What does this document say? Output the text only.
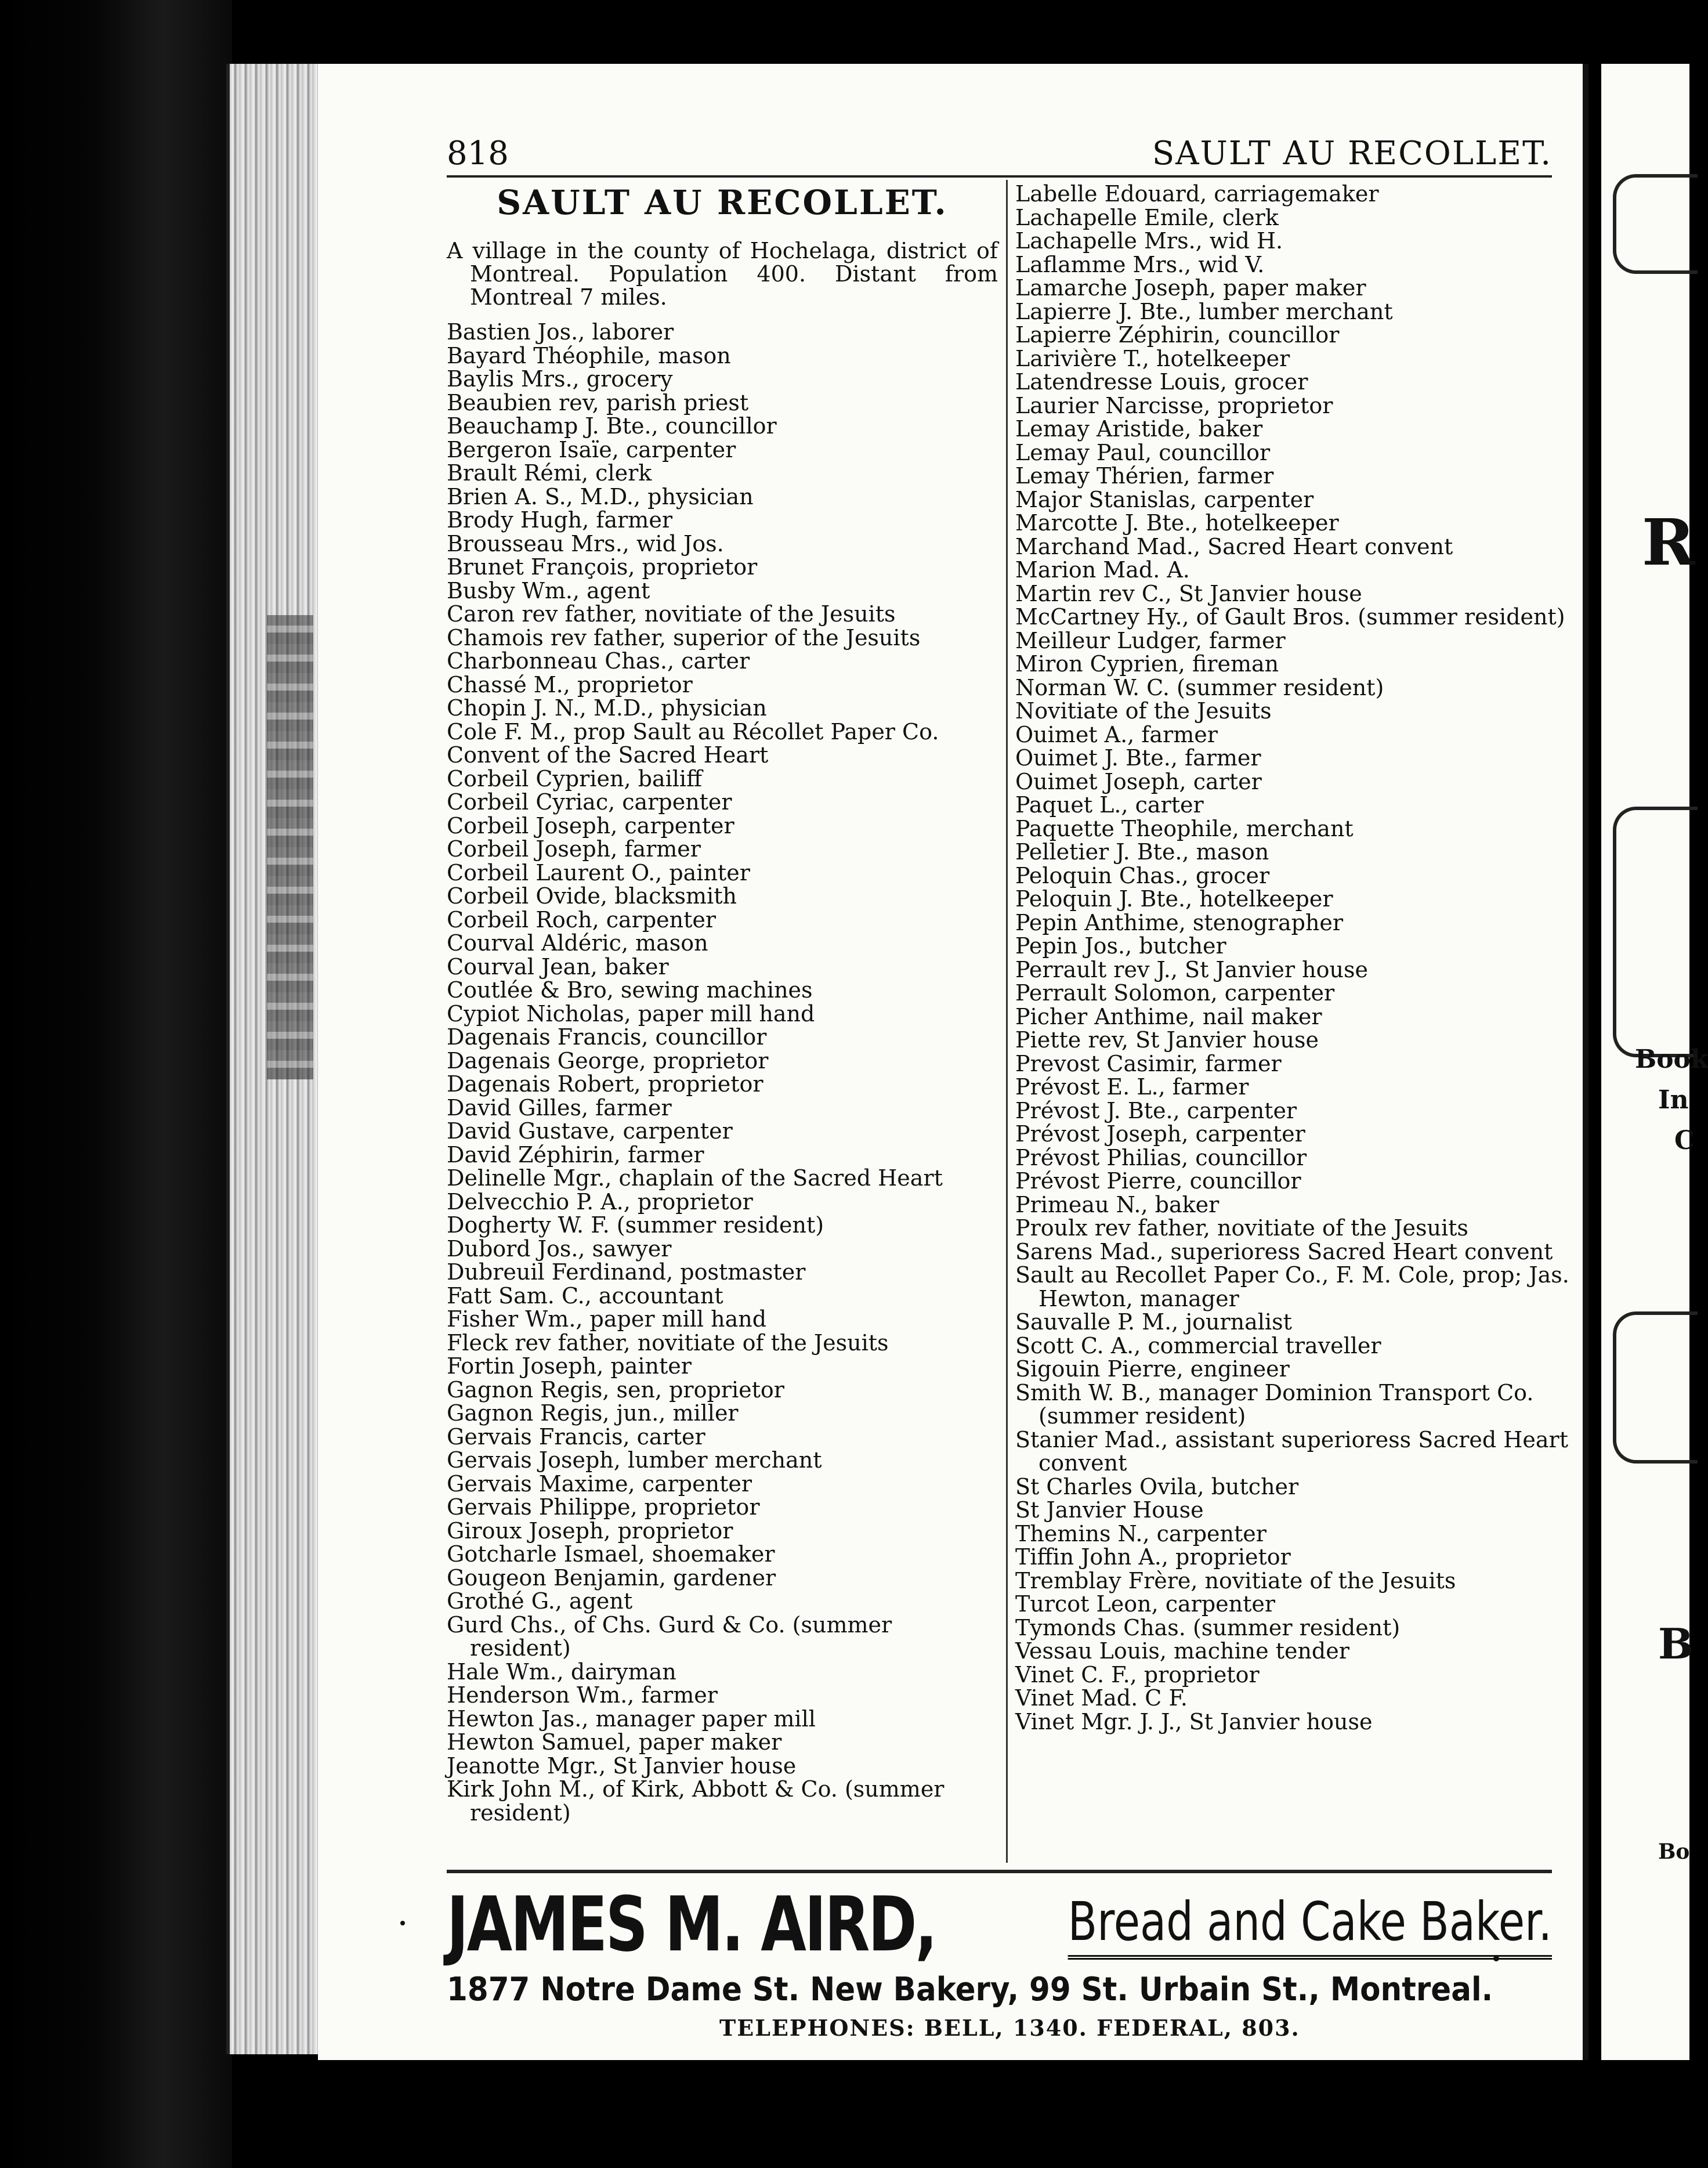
818	SAULT AU RECOLLET.
SAULT AU RECOLLET.
A village in the county of Hochelaga, district of Montreal. Population 400. Distant from Montreal 7 miles.
Bastien Jos., laborer
Bayard Théophile, mason
Baylis Mrs., grocery
Beaubien rev, parish priest
Beauchamp J. Bte., councillor
Bergeron Isaïe, carpenter
Brault Rémi, clerk
Brien A. S., M.D., physician
Brody Hugh, farmer
Brousseau Mrs., wid Jos.
Brunet François, proprietor
Busby Wm., agent
Caron rev father, novitiate of the Jesuits
Chamois rev father, superior of the Jesuits
Charbonneau Chas., carter
Chassé M., proprietor
Chopin J. N., M.D., physician
Cole F. M., prop Sault au Récollet Paper Co.
Convent of the Sacred Heart
Corbeil Cyprien, bailiff
Corbeil Cyriac, carpenter
Corbeil Joseph, carpenter
Corbeil Joseph, farmer
Corbeil Laurent O., painter
Corbeil Ovide, blacksmith
Corbeil Roch, carpenter
Courval Aldéric, mason
Courval Jean, baker
Coutlée & Bro, sewing machines
Cypiot Nicholas, paper mill hand
Dagenais Francis, councillor
Dagenais George, proprietor
Dagenais Robert, proprietor
David Gilles, farmer
David Gustave, carpenter
David Zéphirin, farmer
Delinelle Mgr., chaplain of the Sacred Heart
Delvecchio P. A., proprietor
Dogherty W. F. (summer resident)
Dubord Jos., sawyer
Dubreuil Ferdinand, postmaster
Fatt Sam. C., accountant
Fisher Wm., paper mill hand
Fleck rev father, novitiate of the Jesuits
Fortin Joseph, painter
Gagnon Regis, sen, proprietor
Gagnon Regis, jun., miller
Gervais Francis, carter
Gervais Joseph, lumber merchant
Gervais Maxime, carpenter
Gervais Philippe, proprietor
Giroux Joseph, proprietor
Gotcharle Ismael, shoemaker
Gougeon Benjamin, gardener
Grothé G., agent
Gurd Chs., of Chs. Gurd & Co. (summer resident)
Hale Wm., dairyman
Henderson Wm., farmer
Hewton Jas., manager paper mill
Hewton Samuel, paper maker
Jeanotte Mgr., St Janvier house
Kirk John M., of Kirk, Abbott & Co. (summer resident)
Labelle Edouard, carriagemaker
Lachapelle Emile, clerk
Lachapelle Mrs., wid H.
Laflamme Mrs., wid V.
Lamarche Joseph, paper maker
Lapierre J. Bte., lumber merchant
Lapierre Zéphirin, councillor
Larivière T., hotelkeeper
Latendresse Louis, grocer
Laurier Narcisse, proprietor
Lemay Aristide, baker
Lemay Paul, councillor
Lemay Thérien, farmer
Major Stanislas, carpenter
Marcotte J. Bte., hotelkeeper
Marchand Mad., Sacred Heart convent
Marion Mad. A.
Martin rev C., St Janvier house
McCartney Hy., of Gault Bros. (summer resident)
Meilleur Ludger, farmer
Miron Cyprien, fireman
Norman W. C. (summer resident)
Novitiate of the Jesuits
Ouimet A., farmer
Ouimet J. Bte., farmer
Ouimet Joseph, carter
Paquet L., carter
Paquette Theophile, merchant
Pelletier J. Bte., mason
Peloquin Chas., grocer
Peloquin J. Bte., hotelkeeper
Pepin Anthime, stenographer
Pepin Jos., butcher
Perrault rev J., St Janvier house
Perrault Solomon, carpenter
Picher Anthime, nail maker
Piette rev, St Janvier house
Prevost Casimir, farmer
Prévost E. L., farmer
Prévost J. Bte., carpenter
Prévost Joseph, carpenter
Prévost Philias, councillor
Prévost Pierre, councillor
Primeau N., baker
Proulx rev father, novitiate of the Jesuits
Sarens Mad., superioress Sacred Heart convent
Sault au Recollet Paper Co., F. M. Cole, prop; Jas. Hewton, manager
Sauvalle P. M., journalist
Scott C. A., commercial traveller
Sigouin Pierre, engineer
Smith W. B., manager Dominion Transport Co. (summer resident)
Stanier Mad., assistant superioress Sacred Heart convent
St Charles Ovila, butcher
St Janvier House
Themins N., carpenter
Tiffin John A., proprietor
Tremblay Frère, novitiate of the Jesuits
Turcot Leon, carpenter
Tymonds Chas. (summer resident)
Vessau Louis, machine tender
Vinet C. F., proprietor
Vinet Mad. C F.
Vinet Mgr. J. J., St Janvier house
JAMES M. AIRD, Bread and Cake Baker.
1877 Notre Dame St. New Bakery, 99 St. Urbain St., Montreal.
TELEPHONES: BELL, 1340. FEDERAL, 803.
R
Book
In
C
B
Bo
